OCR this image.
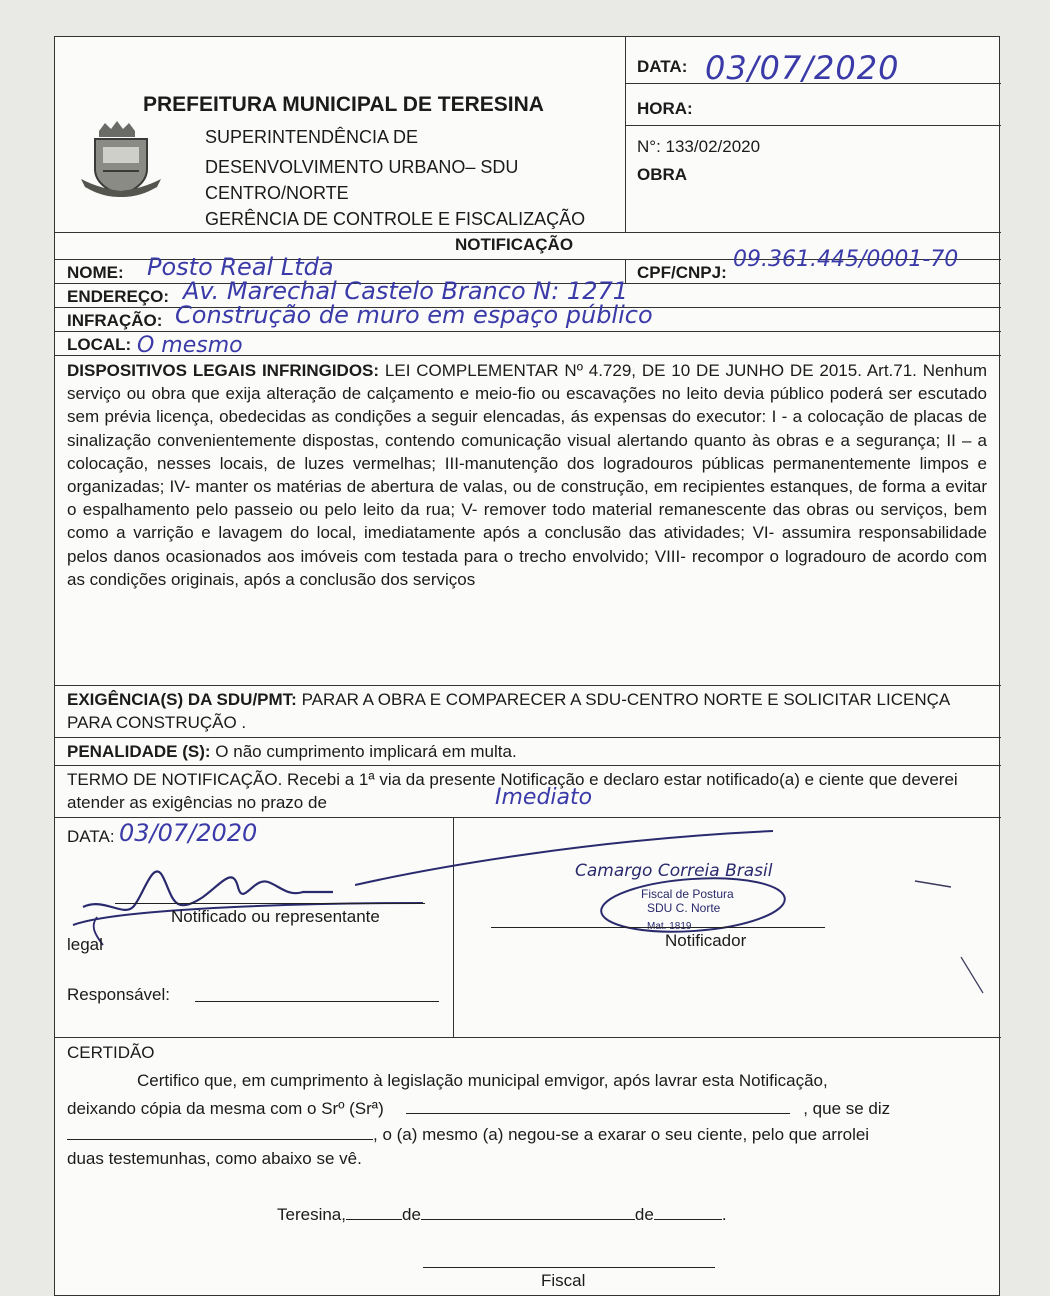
PREFEITURA MUNICIPAL DE TERESINA
SUPERINTENDÊNCIA DE
DESENVOLVIMENTO URBANO– SDU
CENTRO/NORTE
GERÊNCIA DE CONTROLE E FISCALIZAÇÃO
DATA: 03/07/2020
HORA:
N°: 133/02/2020
OBRA
NOTIFICAÇÃO
NOME: Posto Real Ltda	CPF/CNPJ:
09.361.445/0001-70
ENDEREÇO: Av. Marechal Castelo Branco N: 1271
INFRAÇÃO: Construção de muro em espaço público
LOCAL: O mesmo
DISPOSITIVOS LEGAIS INFRINGIDOS: LEI COMPLEMENTAR Nº 4.729, DE 10 DE JUNHO DE 2015. Art.71. Nenhum serviço ou obra que exija alteração de calçamento e meio-fio ou escavações no leito devia público poderá ser escutado sem prévia licença, obedecidas as condições a seguir elencadas, ás expensas do executor: I - a colocação de placas de sinalização convenientemente dispostas, contendo comunicação visual alertando quanto às obras e a segurança; II – a colocação, nesses locais, de luzes vermelhas; III-manutenção dos logradouros públicas permanentemente limpos e organizadas; IV- manter os matérias de abertura de valas, ou de construção, em recipientes estanques, de forma a evitar o espalhamento pelo passeio ou pelo leito da rua; V- remover todo material remanescente das obras ou serviços, bem como a varrição e lavagem do local, imediatamente após a conclusão das atividades; VI- assumira responsabilidade pelos danos ocasionados aos imóveis com testada para o trecho envolvido; VIII- recompor o logradouro de acordo com as condições originais, após a conclusão dos serviços
EXIGÊNCIA(S) DA SDU/PMT: PARAR A OBRA E COMPARECER A SDU-CENTRO NORTE E SOLICITAR LICENÇA PARA CONSTRUÇÃO .
PENALIDADE (S): O não cumprimento implicará em multa.
TERMO DE NOTIFICAÇÃO. Recebi a 1ª via da presente Notificação e declaro estar notificado(a) e ciente que deverei atender as exigências no prazo de	Imediato
DATA: 03/07/2020
Notificado ou representante
legal
Responsável:
Camargo Correia Brasil
Fiscal de Postura
SDU C. Norte
Mat. 1819
Notificador
CERTIDÃO
Certifico que, em cumprimento à legislação municipal emvigor, após lavrar esta Notificação,
deixando cópia da mesma com o Srº (Srª)	, que se diz
, o (a) mesmo (a) negou-se a exarar o seu ciente, pelo que arrolei
duas testemunhas, como abaixo se vê.
Teresina,	de	de	.
Fiscal
